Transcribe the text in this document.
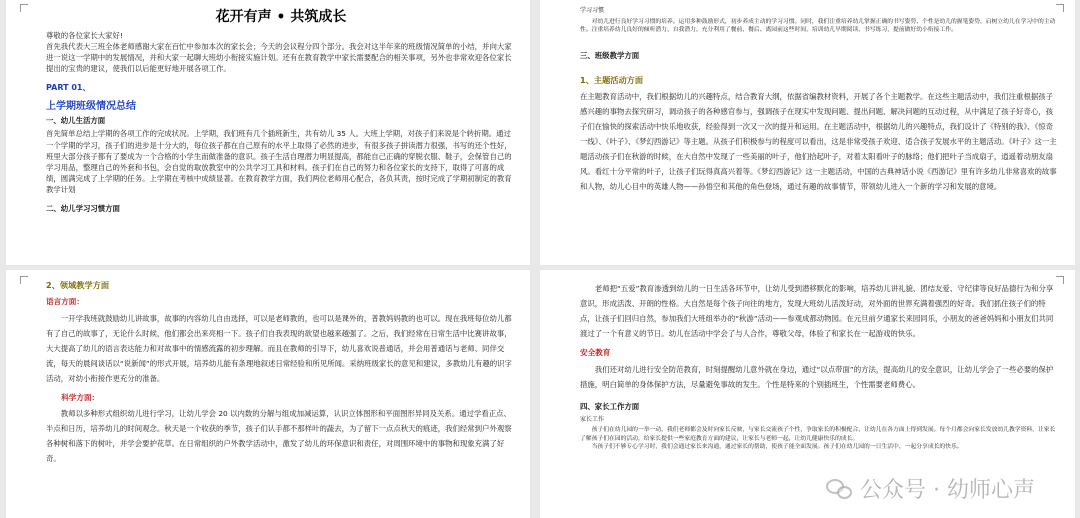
花开有声 • 共筑成长

尊敬的各位家长大家好!

首先我代表大三班全体老师感谢大家在百忙中参加本次的家长会；今天的会议程分四个部分。我会对这半年来的班级情况简单的小结，并向大家进一说这一学期中的发展情况，并和大家一起聊大班幼小衔接实施计划。还有在教育教学中家长需要配合的相关事项，另外也非常欢迎各位家长提出的宝贵的建议，使我们以后能更好地开展各项工作。

PART 01、
上学期班级情况总结
一、幼儿生活方面

首先简单总结上学期的各项工作的完成状况。上学期，我们班有几个插班新生，共有幼儿 35 人。大班上学期，对孩子们来说是个转折期。通过一个学期的学习，孩子们的进步是十分大的，每位孩子都在自己原有的水平上取得了必然的进步，有很多孩子拼读潜力很强，书写的还个性好，班里大部分孩子都有了要成为一个合格的小学生而做准备的意识。孩子生活自理潜力明显提高，都能自己正确的穿脱衣服、鞋子，会保管自己的学习用品，整理自己的外套和书包，会自觉的取放教室中的公共学习工具和材料。孩子们在自己的努力和各位家长的支持下，取得了可喜的成绩，圆满完成了上学期的任务。上学期在考核中成绩显著。在教育教学方面，我们两位老师用心配合，各负其责，按时完成了学期初制定的教育教学计划

二、幼儿学习习惯方面

学习习惯

对幼儿进行良好学习习惯的培养。运用多种鼓励形式，初步养成主动的学习习惯。同时，我们注重培养幼儿掌握正确的书写姿势、个性是幼儿的握笔姿势，启树立幼儿在学习中的主动性。注重培养幼儿良好的倾听潜力、自我潜力，充分利用了餐前、餐后、离园前这些时间，培训幼儿早期阅读、书写练习，提前做好幼小衔接工作。

三、班级教学方面
1、主题活动方面

在主题教育活动中，我们根据幼儿的兴趣特点，结合教育大纲，依据省编教材资料，开展了各个主题教学。在这些主题活动中，我们注重根据孩子感兴趣的事物去探究研习，调动孩子的各种感官参与，强调孩子在现实中发现问题、提出问题、解决问题的互动过程，从中满足了孩子好奇心，孩子们在愉快的探索活动中快乐地收获，经验得到一次又一次的提升和运用。在主题活动中，根据幼儿的兴趣特点，我们设计了《特别的我》、《惊奇一线》、《叶子》、《梦幻西游记》等主题。从孩子们积极参与的程度可以看出，这是非常受孩子欢迎、适合孩子发展水平的主题活动。《叶子》这一主题活动孩子们在秋游的时候，在大自然中发现了一些美丽的叶子，他们拾起叶子，对着太阳看叶子的脉络；他们把叶子当成扇子，逍遥着动朋友扇风。看红十分平常的叶子，让孩子们玩得真高兴着等。《梦幻西游记》这一主题活动，中国的古典神话小说《西游记》里有许多幼儿非常喜欢的故事和人物，幼儿心目中的英雄人物——孙悟空和其他的角色登场，通过有趣的故事情节，带领幼儿进入一个新的学习和发展的意境。

2、领域教学方面
语言方面：

一开学我班就鼓励幼儿讲故事，故事的内容幼儿自由选择，可以是老师教的，也可以是课外的，普教妈妈教的也可以。现在我班每位幼儿都有了自己的故事了，无论什么时候，他们都会出来亮相一下。孩子们自我表现的欲望也越来越强了。之后，我们经常在日常生活中比赛讲故事，大大提高了幼儿的语言表达能力和对故事中的情感流露的初步理解。而且在教师的引导下，幼儿喜欢说普通话，并会用普通话与老师、同伴交流，每天的晨间谈话以“说新闻”的形式开展，培养幼儿能有条理地叙述日常经验和所见所闻。采纳班级家长的意见和建议，多教幼儿有趣的识字活动，对幼小衔接作更充分的准备。

科学方面：

教师以多种形式组织幼儿进行学习，让幼儿学会 20 以内数的分解与组成加减运算，认识立体图形和平面图形异同及关系。通过学看正点、半点和日历，培养幼儿的时间观念。秋天是一个收获的季节，孩子们认手都不那样叶的蔬去，为了留下一点点秋天的痕迹，我们经常到户外观察各种树和落下的树叶，并学会要护花草。在日常组织的户外教学活动中，激发了幼儿的环保意识和责任，对周围环境中的事物和现象充满了好奇。

老师把“五爱”教育渗透到幼儿的一日生活各环节中，让幼儿受到潜移默化的影响，培养幼儿讲礼貌、团结友爱、守纪律等良好品德行为和分享意识，形成活泼、开朗的性格。大自然是每个孩子向往的地方，发现大班幼儿活泼好动，对外面的世界充满着强烈的好奇。我们抓住孩子们的特点，让孩子们回归自然，参加我们大班组举办的“秋游”活动——参观成都动物园。在元旦前夕通家长来园同乐，小朋友的爸爸妈妈和小朋友们共同渡过了一个有意义的节日。幼儿在活动中学会了与人合作，尊敬父母，体验了和家长在一起游戏的快乐。

安全教育

我们还对幼儿进行安全防范教育，时刻提醒幼儿意外就在身边，通过“以点带面”的方法，提高幼儿的安全意识，让幼儿学会了一些必要的保护措施，明白简单的身体保护方法，尽量避免事故的发生。个性是特来的个别插班生，个性需要老师费心。

四、家长工作方面

家长工作

孩子们在幼儿园的一举一动，我们老师都会及时向家长反映，与家长交流孩子个性，争取家长的积极配合，让幼儿在各方面上得到发展。每个月都会向家长发放幼儿教学资料，让家长了解孩子们在园的活动，给家长提供一些家庭教育方面的建议，让家长与老师一起，让幼儿健康快乐的成长。

当孩子们不够专心学习时，我们会通过家长来沟通，通过家长的帮助，使孩子能全面发展。孩子们在幼儿园的一日生活中，一起分享成长的快乐。

公众号 · 幼师心声
